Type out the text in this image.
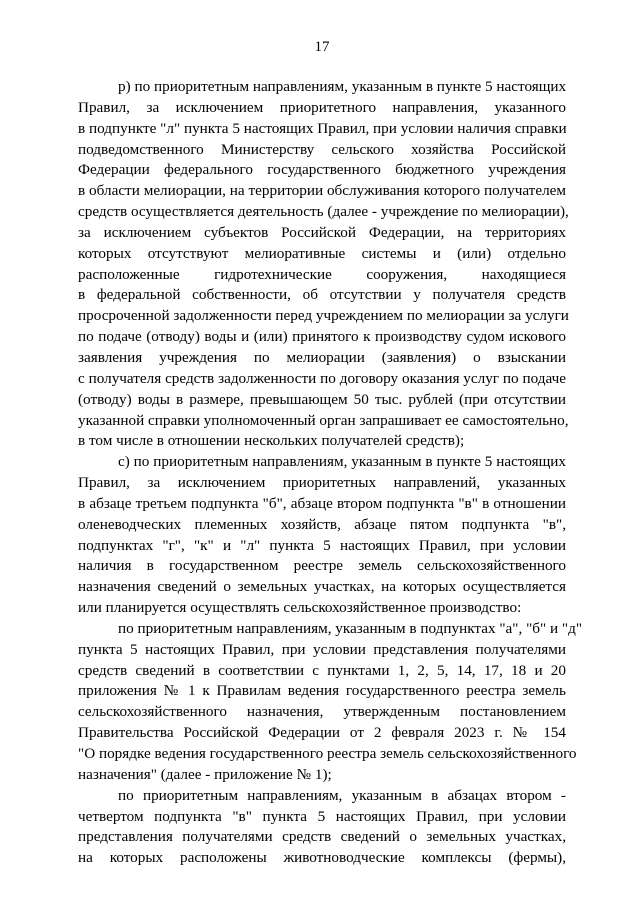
17
р) по приоритетным направлениям, указанным в пункте 5 настоящих
Правил, за исключением приоритетного направления, указанного
в подпункте "л" пункта 5 настоящих Правил, при условии наличия справки
подведомственного Министерству сельского хозяйства Российской
Федерации федерального государственного бюджетного учреждения
в области мелиорации, на территории обслуживания которого получателем
средств осуществляется деятельность (далее - учреждение по мелиорации),
за исключением субъектов Российской Федерации, на территориях
которых отсутствуют мелиоративные системы и (или) отдельно
расположенные гидротехнические сооружения, находящиеся
в федеральной собственности, об отсутствии у получателя средств
просроченной задолженности перед учреждением по мелиорации за услуги
по подаче (отводу) воды и (или) принятого к производству судом искового
заявления учреждения по мелиорации (заявления) о взыскании
с получателя средств задолженности по договору оказания услуг по подаче
(отводу) воды в размере, превышающем 50 тыс. рублей (при отсутствии
указанной справки уполномоченный орган запрашивает ее самостоятельно,
в том числе в отношении нескольких получателей средств);
с) по приоритетным направлениям, указанным в пункте 5 настоящих
Правил, за исключением приоритетных направлений, указанных
в абзаце третьем подпункта "б", абзаце втором подпункта "в" в отношении
оленеводческих племенных хозяйств, абзаце пятом подпункта "в",
подпунктах "г", "к" и "л" пункта 5 настоящих Правил, при условии
наличия в государственном реестре земель сельскохозяйственного
назначения сведений о земельных участках, на которых осуществляется
или планируется осуществлять сельскохозяйственное производство:
по приоритетным направлениям, указанным в подпунктах "а", "б" и "д"
пункта 5 настоящих Правил, при условии представления получателями
средств сведений в соответствии с пунктами 1, 2, 5, 14, 17, 18 и 20
приложения № 1 к Правилам ведения государственного реестра земель
сельскохозяйственного назначения, утвержденным постановлением
Правительства Российской Федерации от 2 февраля 2023 г. № 154
"О порядке ведения государственного реестра земель сельскохозяйственного
назначения" (далее - приложение № 1);
по приоритетным направлениям, указанным в абзацах втором -
четвертом подпункта "в" пункта 5 настоящих Правил, при условии
представления получателями средств сведений о земельных участках,
на которых расположены животноводческие комплексы (фермы),
